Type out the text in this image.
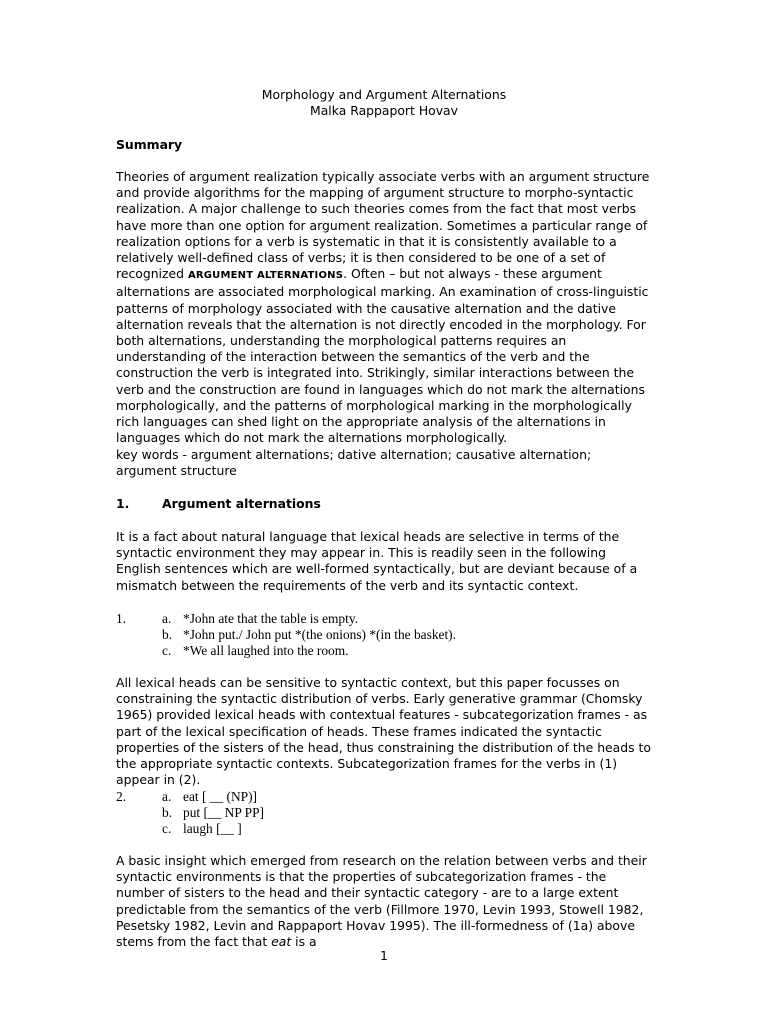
Morphology and Argument Alternations
Malka Rappaport Hovav
Summary
Theories of argument realization typically associate verbs with an argument structure and provide algorithms for the mapping of argument structure to morpho-syntactic realization. A major challenge to such theories comes from the fact that most verbs have more than one option for argument realization. Sometimes a particular range of realization options for a verb is systematic in that it is consistently available to a relatively well-defined class of verbs; it is then considered to be one of a set of recognized ARGUMENT ALTERNATIONS. Often – but not always - these argument alternations are associated morphological marking. An examination of cross-linguistic patterns of morphology associated with the causative alternation and the dative alternation reveals that the alternation is not directly encoded in the morphology. For both alternations, understanding the morphological patterns requires an understanding of the interaction between the semantics of the verb and the construction the verb is integrated into. Strikingly, similar interactions between the verb and the construction are found in languages which do not mark the alternations morphologically, and the patterns of morphological marking in the morphologically rich languages can shed light on the appropriate analysis of the alternations in languages which do not mark the alternations morphologically.
key words - argument alternations; dative alternation; causative alternation; argument structure
1.	Argument alternations
It is a fact about natural language that lexical heads are selective in terms of the syntactic environment they may appear in. This is readily seen in the following English sentences which are well-formed syntactically, but are deviant because of a mismatch between the requirements of the verb and its syntactic context.
1.	a. *John ate that the table is empty.
b. *John put./ John put *(the onions) *(in the basket).
c. *We all laughed into the room.
All lexical heads can be sensitive to syntactic context, but this paper focusses on constraining the syntactic distribution of verbs. Early generative grammar (Chomsky 1965) provided lexical heads with contextual features - subcategorization frames - as part of the lexical specification of heads. These frames indicated the syntactic properties of the sisters of the head, thus constraining the distribution of the heads to the appropriate syntactic contexts. Subcategorization frames for the verbs in (1) appear in (2).
2.	a. eat [ __ (NP)]
b. put [__ NP PP]
c. laugh [__ ]
A basic insight which emerged from research on the relation between verbs and their syntactic environments is that the properties of subcategorization frames - the number of sisters to the head and their syntactic category - are to a large extent predictable from the semantics of the verb (Fillmore 1970, Levin 1993, Stowell 1982, Pesetsky 1982, Levin and Rappaport Hovav 1995). The ill-formedness of (1a) above stems from the fact that eat is a
1
